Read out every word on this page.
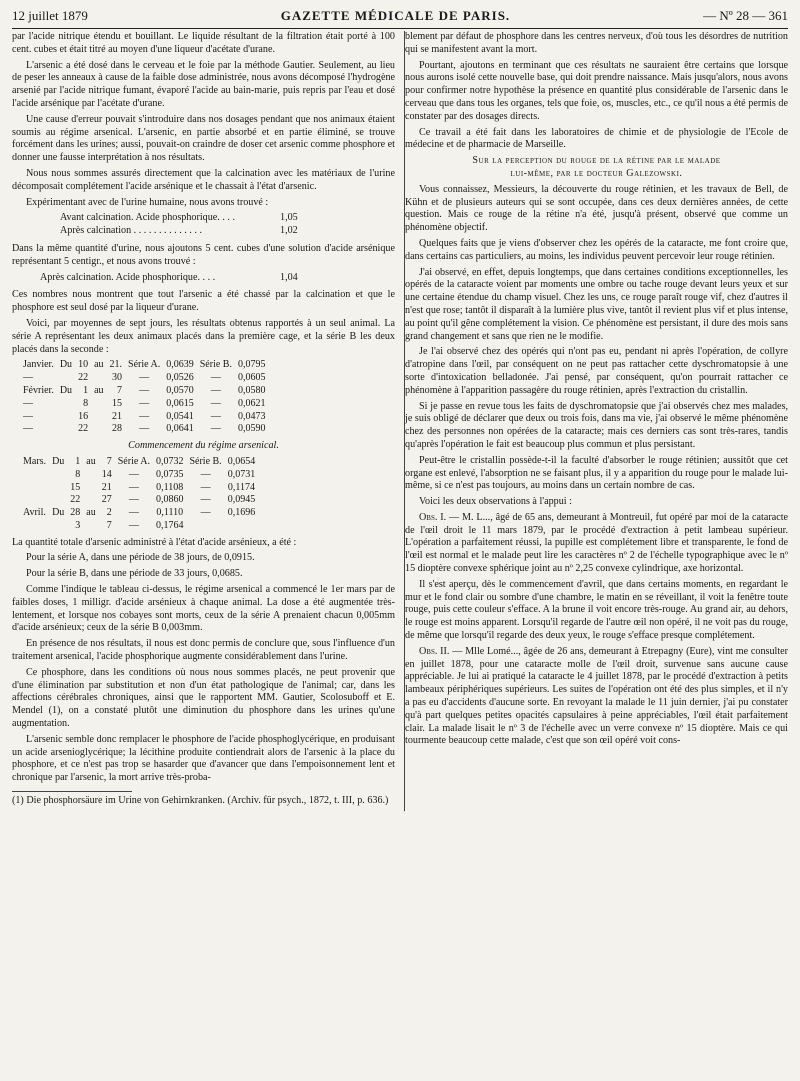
12 juillet 1879	GAZETTE MÉDICALE DE PARIS.	— Nº 28 — 361

par l'acide nitrique étendu et bouillant. Le liquide résultant de la filtration était porté à 100 cent. cubes et était titré au moyen d'une liqueur d'acétate d'urane.

L'arsenic a été dosé dans le cerveau et le foie par la méthode Gautier. Seulement, au lieu de peser les anneaux à cause de la faible dose administrée, nous avons décomposé l'hydrogène arsenié par l'acide nitrique fumant, évaporé l'acide au bain-marie, puis repris par l'eau et dosé l'acide arsénique par l'acétate d'urane.

Une cause d'erreur pouvait s'introduire dans nos dosages pendant que nos animaux étaient soumis au régime arsenical. L'arsenic, en partie absorbé et en partie éliminé, se trouve forcément dans les urines; aussi, pouvait-on craindre de doser cet arsenic comme phosphore et donner une fausse interprétation à nos résultats.

Nous nous sommes assurés directement que la calcination avec les matériaux de l'urine décomposait complétement l'acide arsénique et le chassait à l'état d'arsenic.

Expérimentant avec de l'urine humaine, nous avons trouvé :

Avant calcination. Acide phosphorique. . . .	1,05
Après calcination . . . . . . . . . . . . . .	1,02

Dans la même quantité d'urine, nous ajoutons 5 cent. cubes d'une solution d'acide arsénique représentant 5 centigr., et nous avons trouvé :

Après calcination. Acide phosphorique. . . .	1,04

Ces nombres nous montrent que tout l'arsenic a été chassé par la calcination et que le phosphore est seul dosé par la liqueur d'urane.

Voici, par moyennes de sept jours, les résultats obtenus rapportés à un seul animal. La série A représentant les deux animaux placés dans la première cage, et la série B les deux placés dans la seconde :

Janvier.	Du	10	au	21.	Série A.	0,0639	Série B.	0,0795
—		22		30	—	0,0526	—	0,0605
Février.	Du	1	au	7	—	0,0570	—	0,0580
—		8		15	—	0,0615	—	0,0621
—		16		21	—	0,0541	—	0,0473
—		22		28	—	0,0641	—	0,0590
Commencement du régime arsenical.
Mars.	Du	1	au	7	Série A.	0,0732	Série B.	0,0654
		8		14	—	0,0735	—	0,0731
		15		21	—	0,1108	—	0,1174
		22		27	—	0,0860	—	0,0945
Avril.	Du	28	au	2	—	0,1110	—	0,1696
		3		7	—	0,1764		

La quantité totale d'arsenic administré à l'état d'acide arsénieux, a été :

Pour la série A, dans une période de 38 jours, de 0,0915.

Pour la série B, dans une période de 33 jours, 0,0685.

Comme l'indique le tableau ci-dessus, le régime arsenical a commencé le 1er mars par de faibles doses, 1 milligr. d'acide arsénieux à chaque animal. La dose a été augmentée très-lentement, et lorsque nos cobayes sont morts, ceux de la série A prenaient chacun 0,005mm d'acide arsénieux; ceux de la série B 0,003mm.

En présence de nos résultats, il nous est donc permis de conclure que, sous l'influence d'un traitement arsenical, l'acide phosphorique augmente considérablement dans l'urine.

Ce phosphore, dans les conditions où nous nous sommes placés, ne peut provenir que d'une élimination par substitution et non d'un état pathologique de l'animal; car, dans les affections cérébrales chroniques, ainsi que le rapportent MM. Gautier, Scolosuboff et E. Mendel (1), on a constaté plutôt une diminution du phosphore dans les urines qu'une augmentation.

L'arsenic semble donc remplacer le phosphore de l'acide phosphoglycérique, en produisant un acide arsenioglycérique; la lécithine produite contiendrait alors de l'arsenic à la place du phosphore, et ce n'est pas trop se hasarder que d'avancer que dans l'empoisonnement lent et chronique par l'arsenic, la mort arrive très-proba-

(1) Die phosphorsäure im Urine von Gehirnkranken. (Archiv. für psych., 1872, t. III, p. 636.)

blement par défaut de phosphore dans les centres nerveux, d'où tous les désordres de nutrition qui se manifestent avant la mort.

Pourtant, ajoutons en terminant que ces résultats ne sauraient être certains que lorsque nous aurons isolé cette nouvelle base, qui doit prendre naissance. Mais jusqu'alors, nous avons pour confirmer notre hypothèse la présence en quantité plus considérable de l'arsenic dans le cerveau que dans tous les organes, tels que foie, os, muscles, etc., ce qu'il nous a été permis de constater par des dosages directs.

Ce travail a été fait dans les laboratoires de chimie et de physiologie de l'Ecole de médecine et de pharmacie de Marseille.

Sur la perception du rouge de la rétine par le malade
lui-même, par le docteur Galezowski.

Vous connaissez, Messieurs, la découverte du rouge rétinien, et les travaux de Bell, de Kühn et de plusieurs auteurs qui se sont occupée, dans ces deux dernières années, de cette question. Mais ce rouge de la rétine n'a été, jusqu'à présent, observé que comme un phénomène objectif.

Quelques faits que je viens d'observer chez les opérés de la cataracte, me font croire que, dans certains cas particuliers, au moins, les individus peuvent percevoir leur rouge rétinien.

J'ai observé, en effet, depuis longtemps, que dans certaines conditions exceptionnelles, les opérés de la cataracte voient par moments une ombre ou tache rouge devant leurs yeux et sur une certaine étendue du champ visuel. Chez les uns, ce rouge paraît rouge vif, chez d'autres il n'est que rose; tantôt il disparaît à la lumière plus vive, tantôt il revient plus vif et plus intense, au point qu'il gêne complétement la vision. Ce phénomène est persistant, il dure des mois sans grand changement et sans que rien ne le modifie.

Je l'ai observé chez des opérés qui n'ont pas eu, pendant ni après l'opération, de collyre d'atropine dans l'œil, par conséquent on ne peut pas rattacher cette dyschromatopsie à une sorte d'intoxication belladonée. J'ai pensé, par conséquent, qu'on pourrait rattacher ce phénomène à l'apparition passagère du rouge rétinien, après l'extraction du cristallin.

Si je passe en revue tous les faits de dyschromatopsie que j'ai observés chez mes malades, je suis obligé de déclarer que deux ou trois fois, dans ma vie, j'ai observé le même phénomène chez des personnes non opérées de la cataracte; mais ces derniers cas sont très-rares, tandis qu'après l'opération le fait est beaucoup plus commun et plus persistant.

Peut-être le cristallin possède-t-il la faculté d'absorber le rouge rétinien; aussitôt que cet organe est enlevé, l'absorption ne se faisant plus, il y a apparition du rouge pour le malade lui-même, si ce n'est pas toujours, au moins dans un certain nombre de cas.

Voici les deux observations à l'appui :

Obs. I. — M. L..., âgé de 65 ans, demeurant à Montreuil, fut opéré par moi de la cataracte de l'œil droit le 11 mars 1879, par le procédé d'extraction à petit lambeau supérieur. L'opération a parfaitement réussi, la pupille est complétement libre et transparente, le fond de l'œil est normal et le malade peut lire les caractères nº 2 de l'échelle typographique avec le nº 15 dioptère convexe sphérique joint au nº 2,25 convexe cylindrique, axe horizontal.

Il s'est aperçu, dès le commencement d'avril, que dans certains moments, en regardant le mur et le fond clair ou sombre d'une chambre, le matin en se réveillant, il voit la fenêtre toute rouge, puis cette couleur s'efface. A la brune il voit encore très-rouge. Au grand air, au dehors, le rouge est moins apparent. Lorsqu'il regarde de l'autre œil non opéré, il ne voit pas du rouge, de même que lorsqu'il regarde des deux yeux, le rouge s'efface presque complétement.

Obs. II. — Mlle Lomé..., âgée de 26 ans, demeurant à Etrepagny (Eure), vint me consulter en juillet 1878, pour une cataracte molle de l'œil droit, survenue sans aucune cause appréciable. Je lui ai pratiqué la cataracte le 4 juillet 1878, par le procédé d'extraction à petits lambeaux périphériques supérieurs. Les suites de l'opération ont été des plus simples, et il n'y a pas eu d'accidents d'aucune sorte. En revoyant la malade le 11 juin dernier, j'ai pu constater qu'à part quelques petites opacités capsulaires à peine appréciables, l'œil était parfaitement clair. La malade lisait le nº 3 de l'échelle avec un verre convexe nº 15 dioptère. Mais ce qui tourmente beaucoup cette malade, c'est que son œil opéré voit cons-
